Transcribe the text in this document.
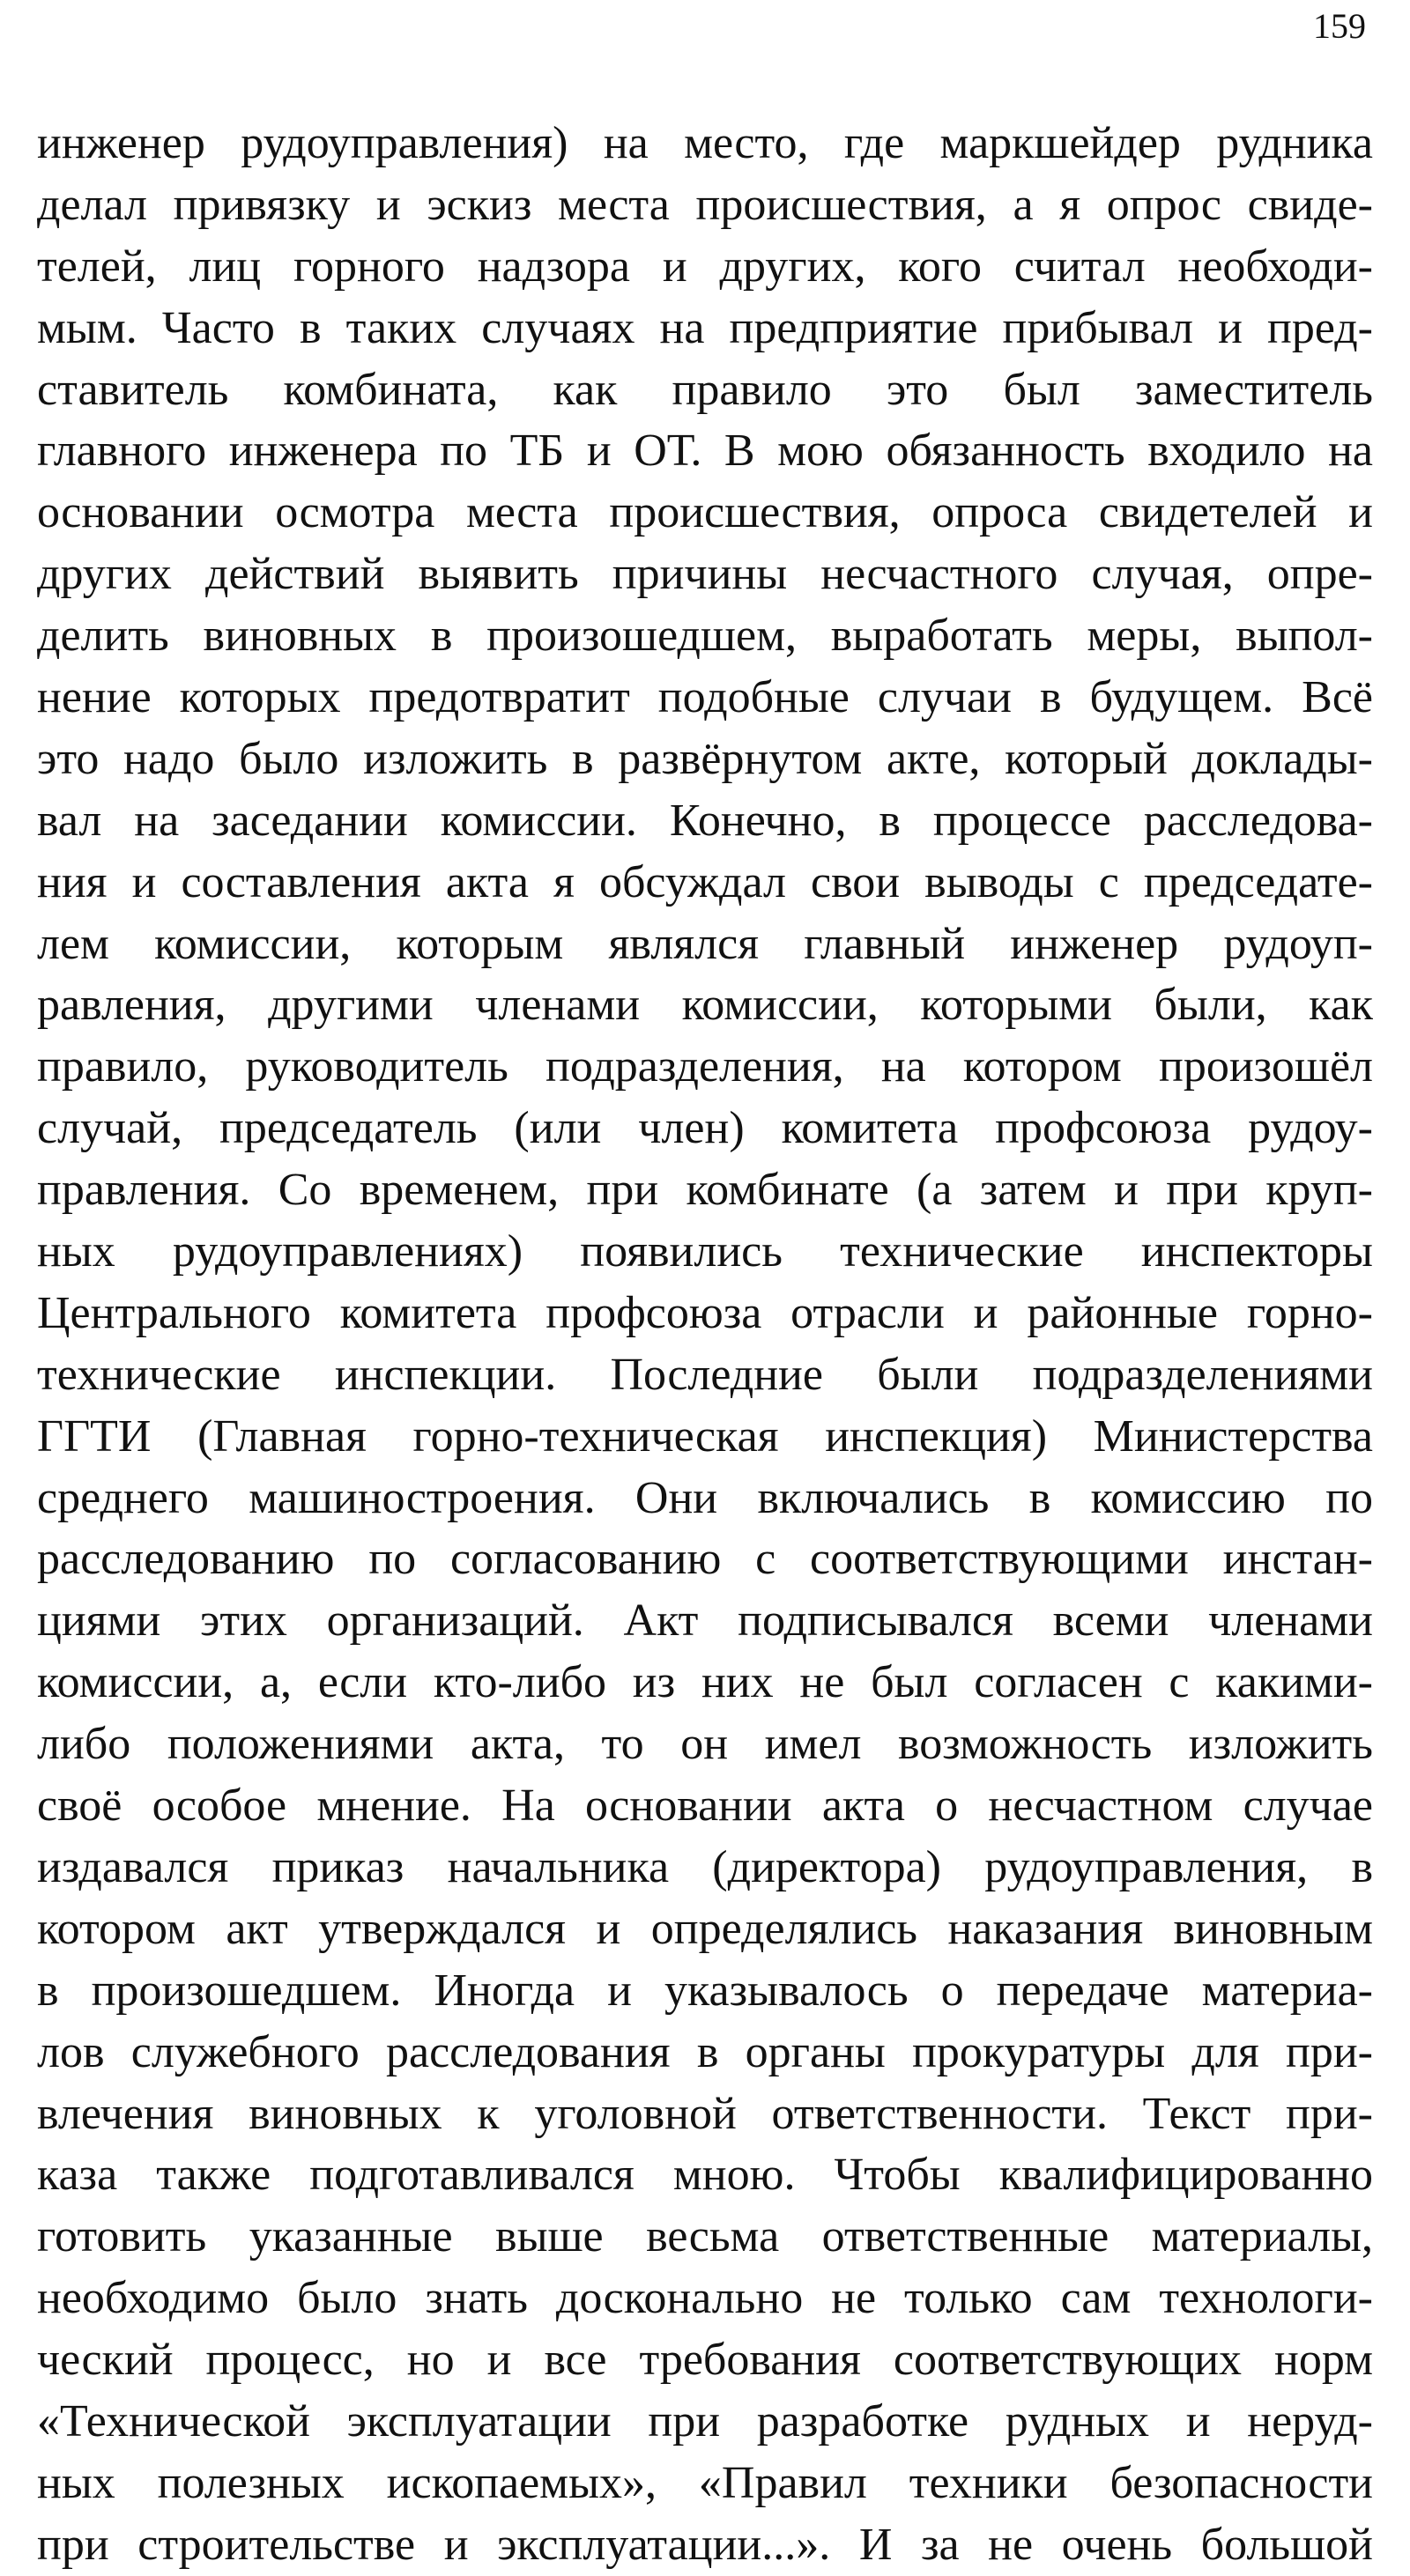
159

инженер рудоуправления) на место, где маркшейдер рудника
делал привязку и эскиз места происшествия, а я опрос свиде-
телей, лиц горного надзора и других, кого считал необходи-
мым. Часто в таких случаях на предприятие прибывал и пред-
ставитель комбината, как правило это был заместитель
главного инженера по ТБ и ОТ. В мою обязанность входило на
основании осмотра места происшествия, опроса свидетелей и
других действий выявить причины несчастного случая, опре-
делить виновных в произошедшем, выработать меры, выпол-
нение которых предотвратит подобные случаи в будущем. Всё
это надо было изложить в развёрнутом акте, который доклады-
вал на заседании комиссии. Конечно, в процессе расследова-
ния и составления акта я обсуждал свои выводы с председате-
лем комиссии, которым являлся главный инженер рудоуп-
равления, другими членами комиссии, которыми были, как
правило, руководитель подразделения, на котором произошёл
случай, председатель (или член) комитета профсоюза рудоу-
правления. Со временем, при комбинате (а затем и при круп-
ных рудоуправлениях) появились технические инспекторы
Центрального комитета профсоюза отрасли и районные горно-
технические инспекции. Последние были подразделениями
ГГТИ (Главная горно-техническая инспекция) Министерства
среднего машиностроения. Они включались в комиссию по
расследованию по согласованию с соответствующими инстан-
циями этих организаций. Акт подписывался всеми членами
комиссии, а, если кто-либо из них не был согласен с какими-
либо положениями акта, то он имел возможность изложить
своё особое мнение. На основании акта о несчастном случае
издавался приказ начальника (директора) рудоуправления, в
котором акт утверждался и определялись наказания виновным
в произошедшем. Иногда и указывалось о передаче материа-
лов служебного расследования в органы прокуратуры для при-
влечения виновных к уголовной ответственности. Текст при-
каза также подготавливался мною. Чтобы квалифицированно
готовить указанные выше весьма ответственные материалы,
необходимо было знать досконально не только сам технологи-
ческий процесс, но и все требования соответствующих норм
«Технической эксплуатации при разработке рудных и неруд-
ных полезных ископаемых», «Правил техники безопасности
при строительстве и эксплуатации...». И за не очень большой
